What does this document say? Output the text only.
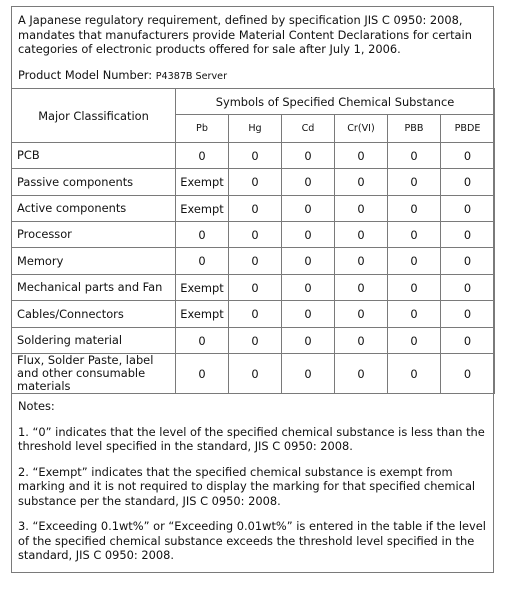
A Japanese regulatory requirement, defined by specification JIS C 0950: 2008, mandates that manufacturers provide Material Content Declarations for certain categories of electronic products offered for sale after July 1, 2006.

Product Model Number: P4387B Server
Major Classification	Symbols of Specified Chemical Substance					
	Pb	Hg	Cd	Cr(VI)	PBB	PBDE
PCB	0	0	0	0	0	0
Passive components	Exempt	0	0	0	0	0
Active components	Exempt	0	0	0	0	0
Processor	0	0	0	0	0	0
Memory	0	0	0	0	0	0
Mechanical parts and Fan	Exempt	0	0	0	0	0
Cables/Connectors	Exempt	0	0	0	0	0
Soldering material	0	0	0	0	0	0
Flux, Solder Paste, label and other consumable materials	0	0	0	0	0	0

Notes:

1. “0” indicates that the level of the specified chemical substance is less than the threshold level specified in the standard, JIS C 0950: 2008.

2. “Exempt” indicates that the specified chemical substance is exempt from marking and it is not required to display the marking for that specified chemical substance per the standard, JIS C 0950: 2008.

3. “Exceeding 0.1wt%” or “Exceeding 0.01wt%” is entered in the table if the level of the specified chemical substance exceeds the threshold level specified in the standard, JIS C 0950: 2008.
